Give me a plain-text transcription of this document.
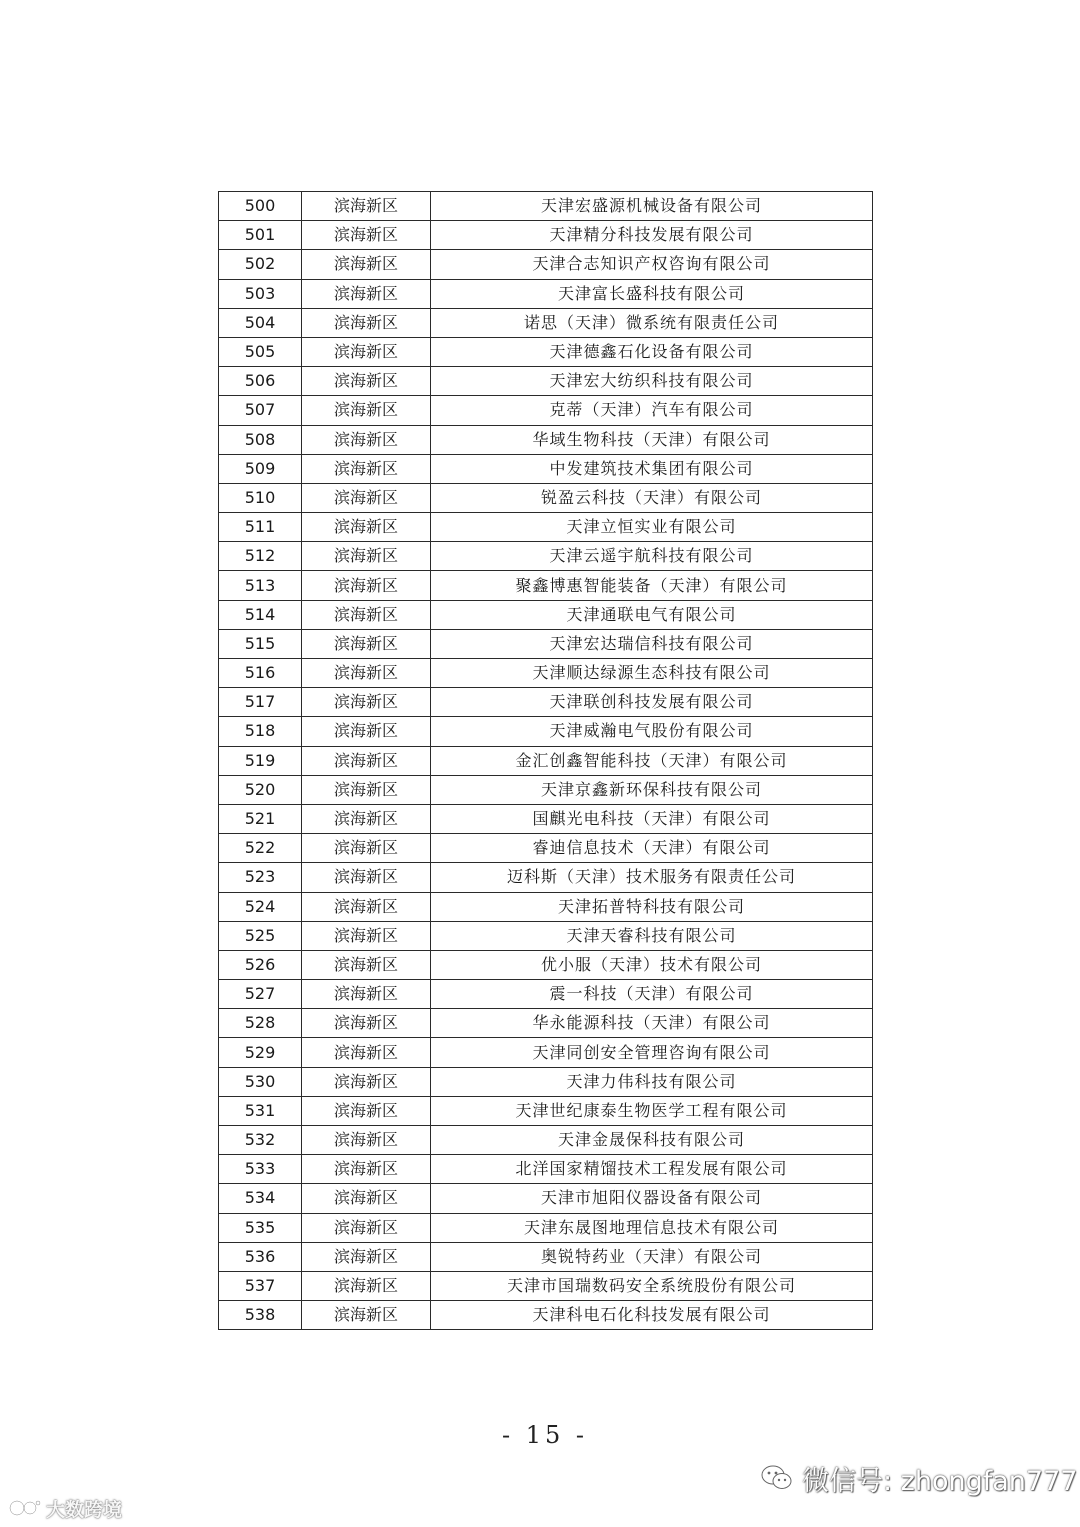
500	滨海新区	天津宏盛源机械设备有限公司
501	滨海新区	天津精分科技发展有限公司
502	滨海新区	天津合志知识产权咨询有限公司
503	滨海新区	天津富长盛科技有限公司
504	滨海新区	诺思（天津）微系统有限责任公司
505	滨海新区	天津德鑫石化设备有限公司
506	滨海新区	天津宏大纺织科技有限公司
507	滨海新区	克蒂（天津）汽车有限公司
508	滨海新区	华域生物科技（天津）有限公司
509	滨海新区	中发建筑技术集团有限公司
510	滨海新区	锐盈云科技（天津）有限公司
511	滨海新区	天津立恒实业有限公司
512	滨海新区	天津云遥宇航科技有限公司
513	滨海新区	聚鑫博惠智能装备（天津）有限公司
514	滨海新区	天津通联电气有限公司
515	滨海新区	天津宏达瑞信科技有限公司
516	滨海新区	天津顺达绿源生态科技有限公司
517	滨海新区	天津联创科技发展有限公司
518	滨海新区	天津威瀚电气股份有限公司
519	滨海新区	金汇创鑫智能科技（天津）有限公司
520	滨海新区	天津京鑫新环保科技有限公司
521	滨海新区	国麒光电科技（天津）有限公司
522	滨海新区	睿迪信息技术（天津）有限公司
523	滨海新区	迈科斯（天津）技术服务有限责任公司
524	滨海新区	天津拓普特科技有限公司
525	滨海新区	天津天睿科技有限公司
526	滨海新区	优小服（天津）技术有限公司
527	滨海新区	震一科技（天津）有限公司
528	滨海新区	华永能源科技（天津）有限公司
529	滨海新区	天津同创安全管理咨询有限公司
530	滨海新区	天津力伟科技有限公司
531	滨海新区	天津世纪康泰生物医学工程有限公司
532	滨海新区	天津金晟保科技有限公司
533	滨海新区	北洋国家精馏技术工程发展有限公司
534	滨海新区	天津市旭阳仪器设备有限公司
535	滨海新区	天津东晟图地理信息技术有限公司
536	滨海新区	奥锐特药业（天津）有限公司
537	滨海新区	天津市国瑞数码安全系统股份有限公司
538	滨海新区	天津科电石化科技发展有限公司
- 15 -
大数跨境
微信号: zhongfan777
